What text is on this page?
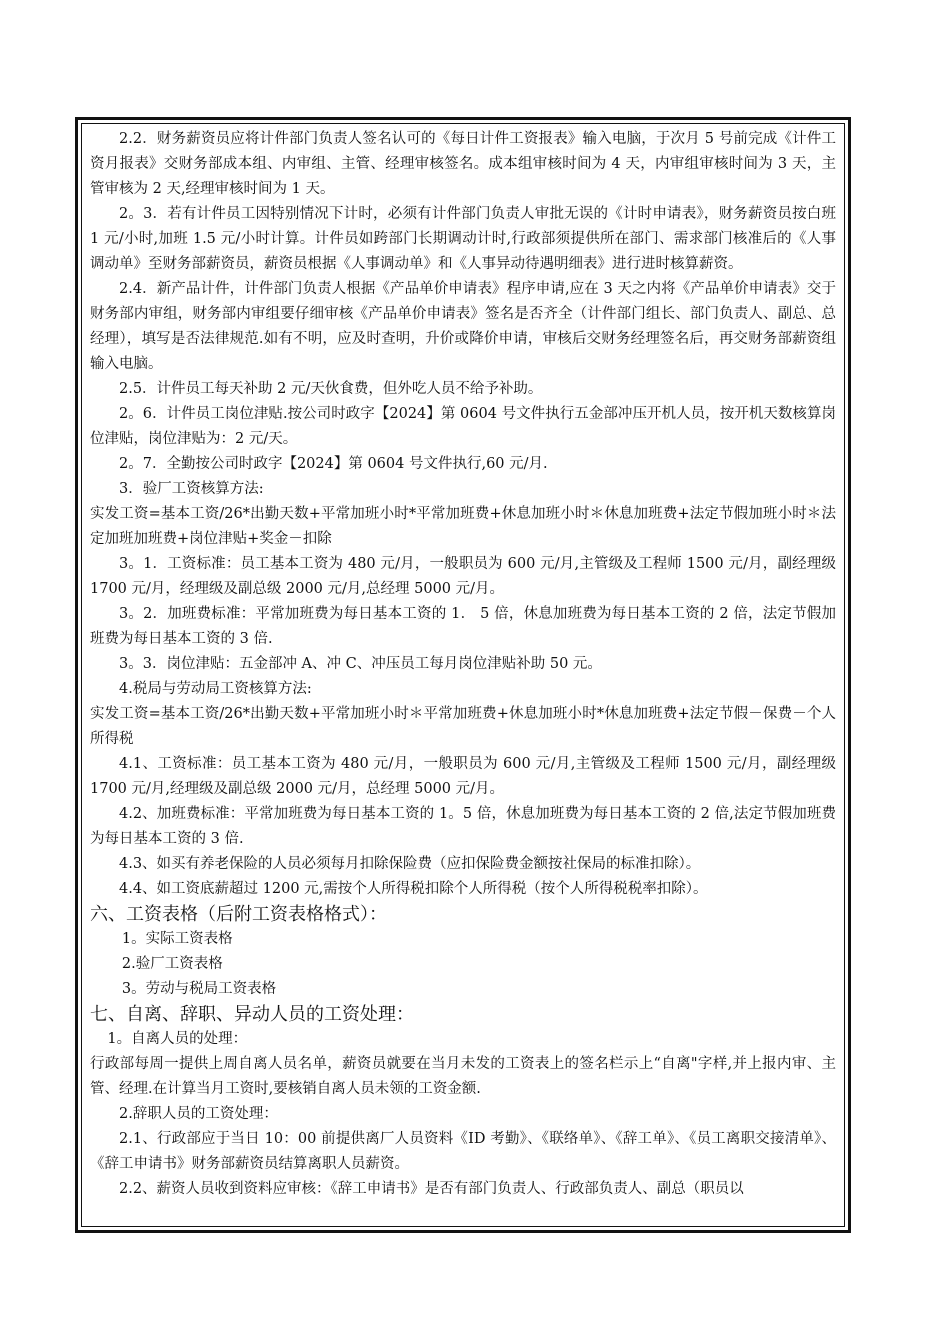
2.2．财务薪资员应将计件部门负责人签名认可的《每日计件工资报表》输入电脑，于次月 5 号前完成《计件工资月报表》交财务部成本组、内审组、主管、经理审核签名。成本组审核时间为 4 天，内审组审核时间为 3 天，主管审核为 2 天,经理审核时间为 1 天。

2。3．若有计件员工因特别情况下计时，必须有计件部门负责人审批无误的《计时申请表》，财务薪资员按白班 1 元/小时,加班 1.5 元/小时计算。计件员如跨部门长期调动计时,行政部须提供所在部门、需求部门核准后的《人事调动单》至财务部薪资员，薪资员根据《人事调动单》和《人事异动待遇明细表》进行进时核算薪资。

2.4．新产品计件，计件部门负责人根据《产品单价申请表》程序申请,应在 3 天之内将《产品单价申请表》交于财务部内审组，财务部内审组要仔细审核《产品单价申请表》签名是否齐全（计件部门组长、部门负责人、副总、总经理），填写是否法律规范.如有不明，应及时查明，升价或降价申请，审核后交财务经理签名后，再交财务部薪资组输入电脑。

2.5．计件员工每天补助 2 元/天伙食费，但外吃人员不给予补助。

2。6．计件员工岗位津贴.按公司时政字【2024】第 0604 号文件执行五金部冲压开机人员，按开机天数核算岗位津贴，岗位津贴为：2 元/天。

2。7．全勤按公司时政字【2024】第 0604 号文件执行,60 元/月.

3．验厂工资核算方法:

实发工资=基本工资/26*出勤天数+平常加班小时*平常加班费+休息加班小时＊休息加班费+法定节假加班小时＊法定加班加班费+岗位津贴+奖金－扣除

3。1．工资标准：员工基本工资为 480 元/月，一般职员为 600 元/月,主管级及工程师 1500 元/月，副经理级 1700 元/月，经理级及副总级 2000 元/月,总经理 5000 元/月。

3。2．加班费标准：平常加班费为每日基本工资的 1． 5 倍，休息加班费为每日基本工资的 2 倍，法定节假加班费为每日基本工资的 3 倍.

3。3．岗位津贴：五金部冲 A、冲 C、冲压员工每月岗位津贴补助 50 元。

4.税局与劳动局工资核算方法:

实发工资=基本工资/26*出勤天数+平常加班小时＊平常加班费+休息加班小时*休息加班费+法定节假－保费－个人所得税

4.1、工资标准：员工基本工资为 480 元/月，一般职员为 600 元/月,主管级及工程师 1500 元/月，副经理级 1700 元/月,经理级及副总级 2000 元/月，总经理 5000 元/月。

4.2、加班费标准：平常加班费为每日基本工资的 1。5 倍，休息加班费为每日基本工资的 2 倍,法定节假加班费为每日基本工资的 3 倍.

4.3、如买有养老保险的人员必须每月扣除保险费（应扣保险费金额按社保局的标准扣除）。

4.4、如工资底薪超过 1200 元,需按个人所得税扣除个人所得税（按个人所得税税率扣除）。

六、工资表格（后附工资表格格式）：

1。实际工资表格

2.验厂工资表格

3。劳动与税局工资表格

七、自离、辞职、异动人员的工资处理：

1。自离人员的处理：

行政部每周一提供上周自离人员名单，薪资员就要在当月未发的工资表上的签名栏示上“自离"字样,并上报内审、主管、经理.在计算当月工资时,要核销自离人员未领的工资金额.

2.辞职人员的工资处理：

2.1、行政部应于当日 10：00 前提供离厂人员资料《ID 考勤》、《联络单》、《辞工单》、《员工离职交接清单》、《辞工申请书》财务部薪资员结算离职人员薪资。

2.2、薪资人员收到资料应审核：《辞工申请书》是否有部门负责人、行政部负责人、副总（职员以
